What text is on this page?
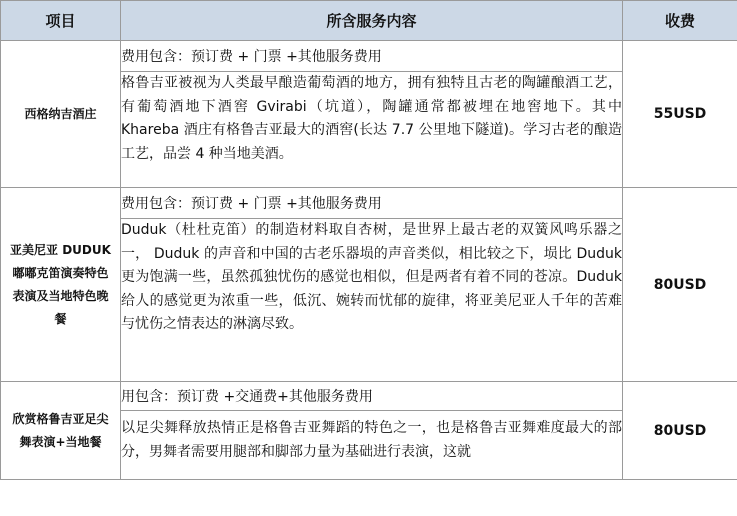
项目	所含服务内容	收费
西格纳吉酒庄	费用包含：预订费 + 门票 +其他服务费用	55USD
	格鲁吉亚被视为人类最早酿造葡萄酒的地方，拥有独特且古老的陶罐酿酒工艺，有葡萄酒地下酒窖 Gvirabi（坑道），陶罐通常都被埋在地窖地下。其中 Khareba 酒庄有格鲁吉亚最大的酒窖(长达 7.7 公里地下隧道)。学习古老的酿造工艺，品尝 4 种当地美酒。	
亚美尼亚 DUDUK 嘟嘟克笛演奏特色表演及当地特色晚餐	费用包含：预订费 + 门票 +其他服务费用	80USD
	Duduk（杜杜克笛）的制造材料取自杏树，是世界上最古老的双簧风鸣乐器之一， Duduk 的声音和中国的古老乐器埙的声音类似，相比较之下，埙比 Duduk 更为饱满一些，虽然孤独忧伤的感觉也相似，但是两者有着不同的苍凉。Duduk 给人的感觉更为浓重一些，低沉、婉转而忧郁的旋律，将亚美尼亚人千年的苦难与忧伤之情表达的淋漓尽致。	
欣赏格鲁吉亚足尖舞表演+当地餐	用包含：预订费 +交通费+其他服务费用	80USD

	以足尖舞释放热情正是格鲁吉亚舞蹈的特色之一，也是格鲁吉亚舞难度最大的部分，男舞者需要用腿部和脚部力量为基础进行表演，这就	
